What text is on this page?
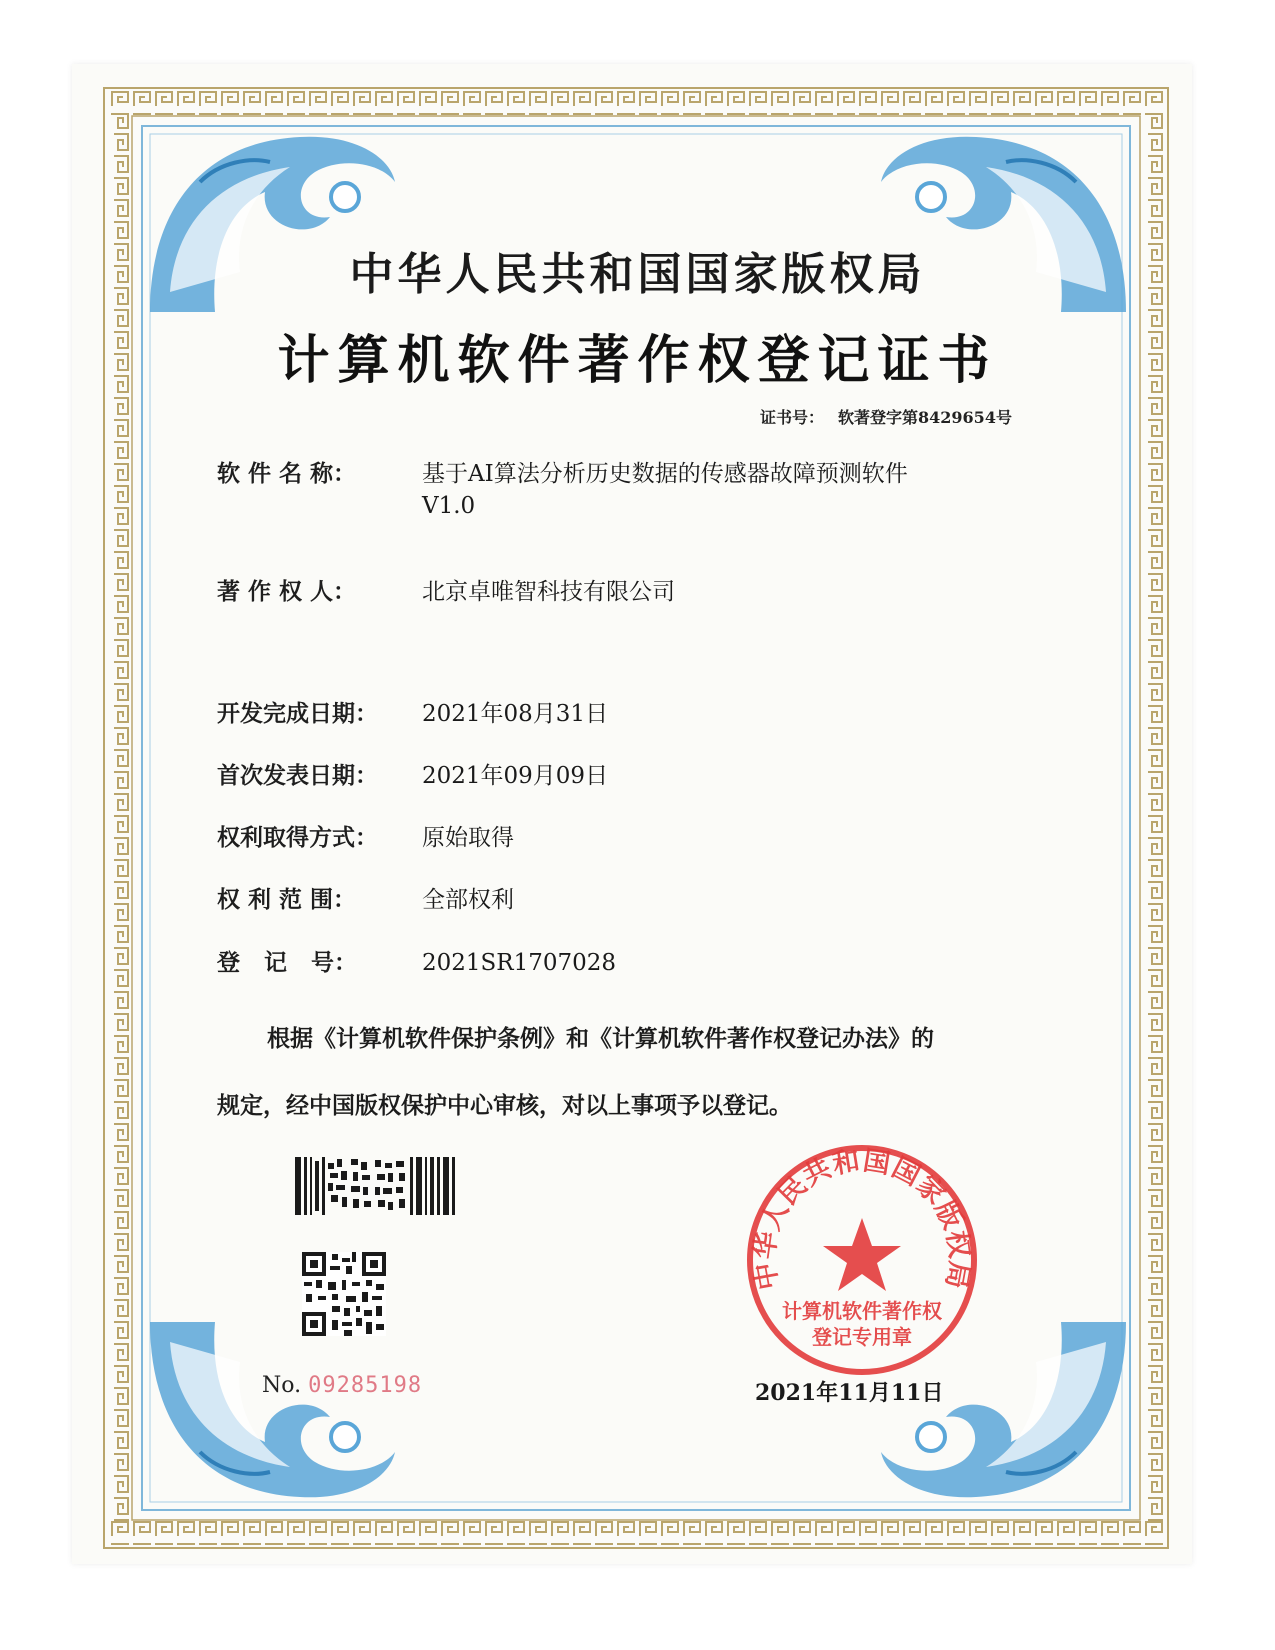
中华人民共和国国家版权局
计算机软件著作权登记证书
证书号： 软著登字第8429654号
软 件 名 称：	基于AI算法分析历史数据的传感器故障预测软件
V1.0
著 作 权 人：	北京卓唯智科技有限公司
开发完成日期：	2021年08月31日
首次发表日期：	2021年09月09日
权利取得方式：	原始取得
权 利 范 围：	全部权利
登   记   号：	2021SR1707028
根据《计算机软件保护条例》和《计算机软件著作权登记办法》的
规定，经中国版权保护中心审核，对以上事项予以登记。
No. 09285198
中华人民共和国国家版权局
计算机软件著作权
登记专用章
2021年11月11日
